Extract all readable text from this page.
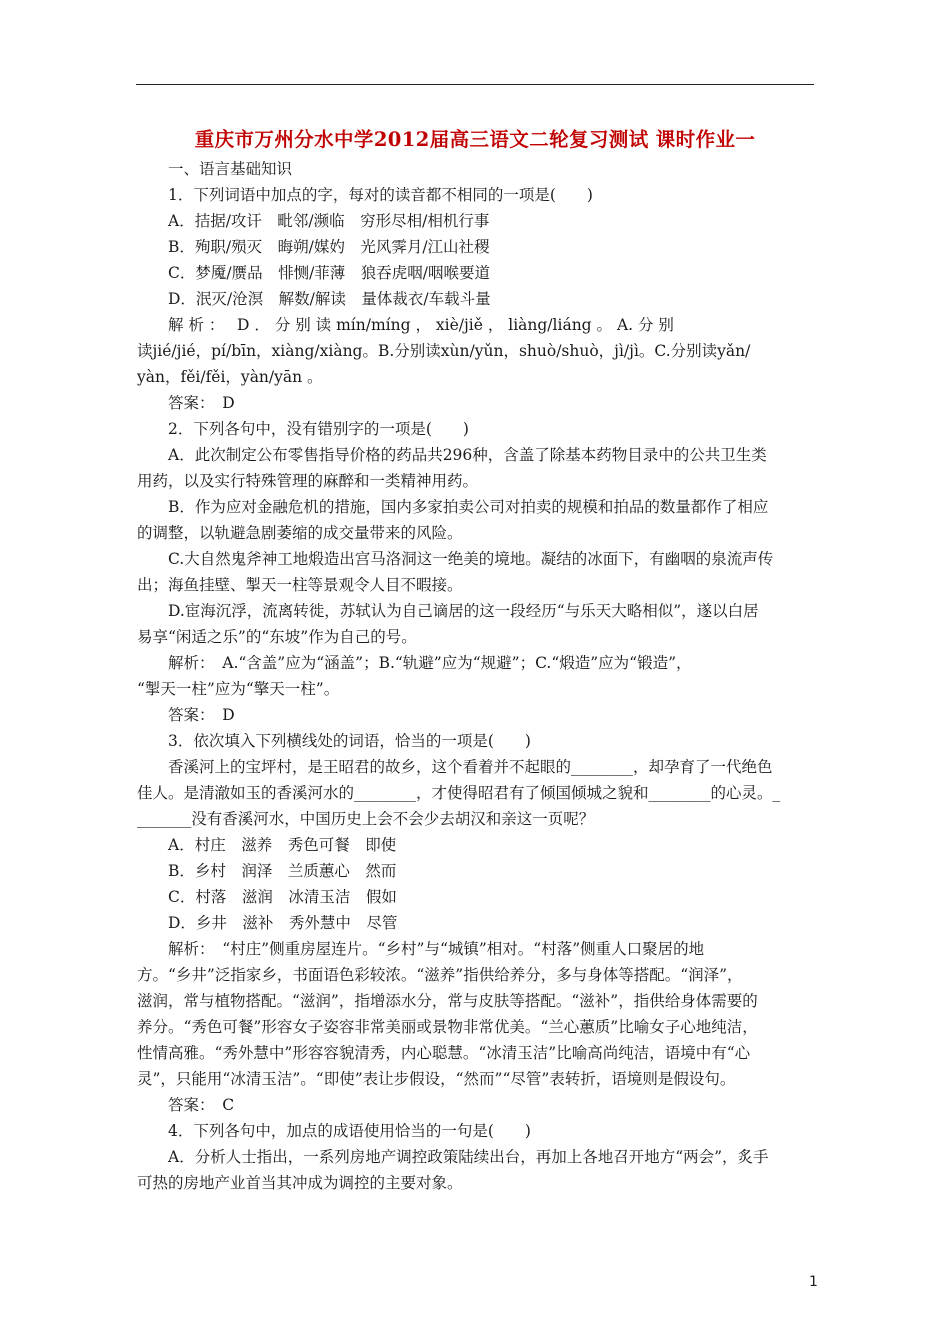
重庆市万州分水中学2012届高三语文二轮复习测试 课时作业一
一、语言基础知识
1．下列词语中加点的字，每对的读音都不相同的一项是(　　)
A．拮据/攻讦　毗邻/濒临　穷形尽相/相机行事
B．殉职/殒灭　晦朔/媒妁　光风霁月/江山社稷
C．梦魇/赝品　悱恻/菲薄　狼吞虎咽/咽喉要道
D．泯灭/沧溟　解数/解读　量体裁衣/车载斗量
解 析 ：　 D ． 分 别 读 mín/míng ， xiè/jiě ， liàng/liáng 。 A. 分 别
读jié/jié，pí/bīn，xiàng/xiàng。B.分别读xùn/yǔn，shuò/shuò，jì/jì。C.分别读yǎn/
yàn，fěi/fěi，yàn/yān 。
答案：　D
2．下列各句中，没有错别字的一项是(　　)
A．此次制定公布零售指导价格的药品共296种，含盖了除基本药物目录中的公共卫生类
用药，以及实行特殊管理的麻醉和一类精神用药。
B．作为应对金融危机的措施，国内多家拍卖公司对拍卖的规模和拍品的数量都作了相应
的调整，以轨避急剧萎缩的成交量带来的风险。
C.大自然鬼斧神工地煅造出宫马洛洞这一绝美的境地。凝结的冰面下，有幽咽的泉流声传
出；海鱼挂壁、掣天一柱等景观令人目不暇接。
D.宦海沉浮，流离转徙，苏轼认为自己谪居的这一段经历“与乐天大略相似”，遂以白居
易享“闲适之乐”的“东坡”作为自己的号。
解析：　A.“含盖”应为“涵盖”；B.“轨避”应为“规避”；C.“煅造”应为“锻造”，
“掣天一柱”应为“擎天一柱”。
答案：　D
3．依次填入下列横线处的词语，恰当的一项是(　　)
香溪河上的宝坪村，是王昭君的故乡，这个看着并不起眼的________，却孕育了一代绝色
佳人。是清澈如玉的香溪河水的________，才使得昭君有了倾国倾城之貌和________的心灵。_
_______没有香溪河水，中国历史上会不会少去胡汉和亲这一页呢？
A．村庄　滋养　秀色可餐　即使
B．乡村　润泽　兰质蕙心　然而
C．村落　滋润　冰清玉洁　假如
D．乡井　滋补　秀外慧中　尽管
解析：　“村庄”侧重房屋连片。“乡村”与“城镇”相对。“村落”侧重人口聚居的地
方。“乡井”泛指家乡，书面语色彩较浓。“滋养”指供给养分，多与身体等搭配。“润泽”，
滋润，常与植物搭配。“滋润”，指增添水分，常与皮肤等搭配。“滋补”，指供给身体需要的
养分。“秀色可餐”形容女子姿容非常美丽或景物非常优美。“兰心蕙质”比喻女子心地纯洁，
性情高雅。“秀外慧中”形容容貌清秀，内心聪慧。“冰清玉洁”比喻高尚纯洁，语境中有“心
灵”，只能用“冰清玉洁”。“即使”表让步假设，“然而”“尽管”表转折，语境则是假设句。
答案：　C
4．下列各句中，加点的成语使用恰当的一句是(　　)
A．分析人士指出，一系列房地产调控政策陆续出台，再加上各地召开地方“两会”，炙手
可热的房地产业首当其冲成为调控的主要对象。
1
